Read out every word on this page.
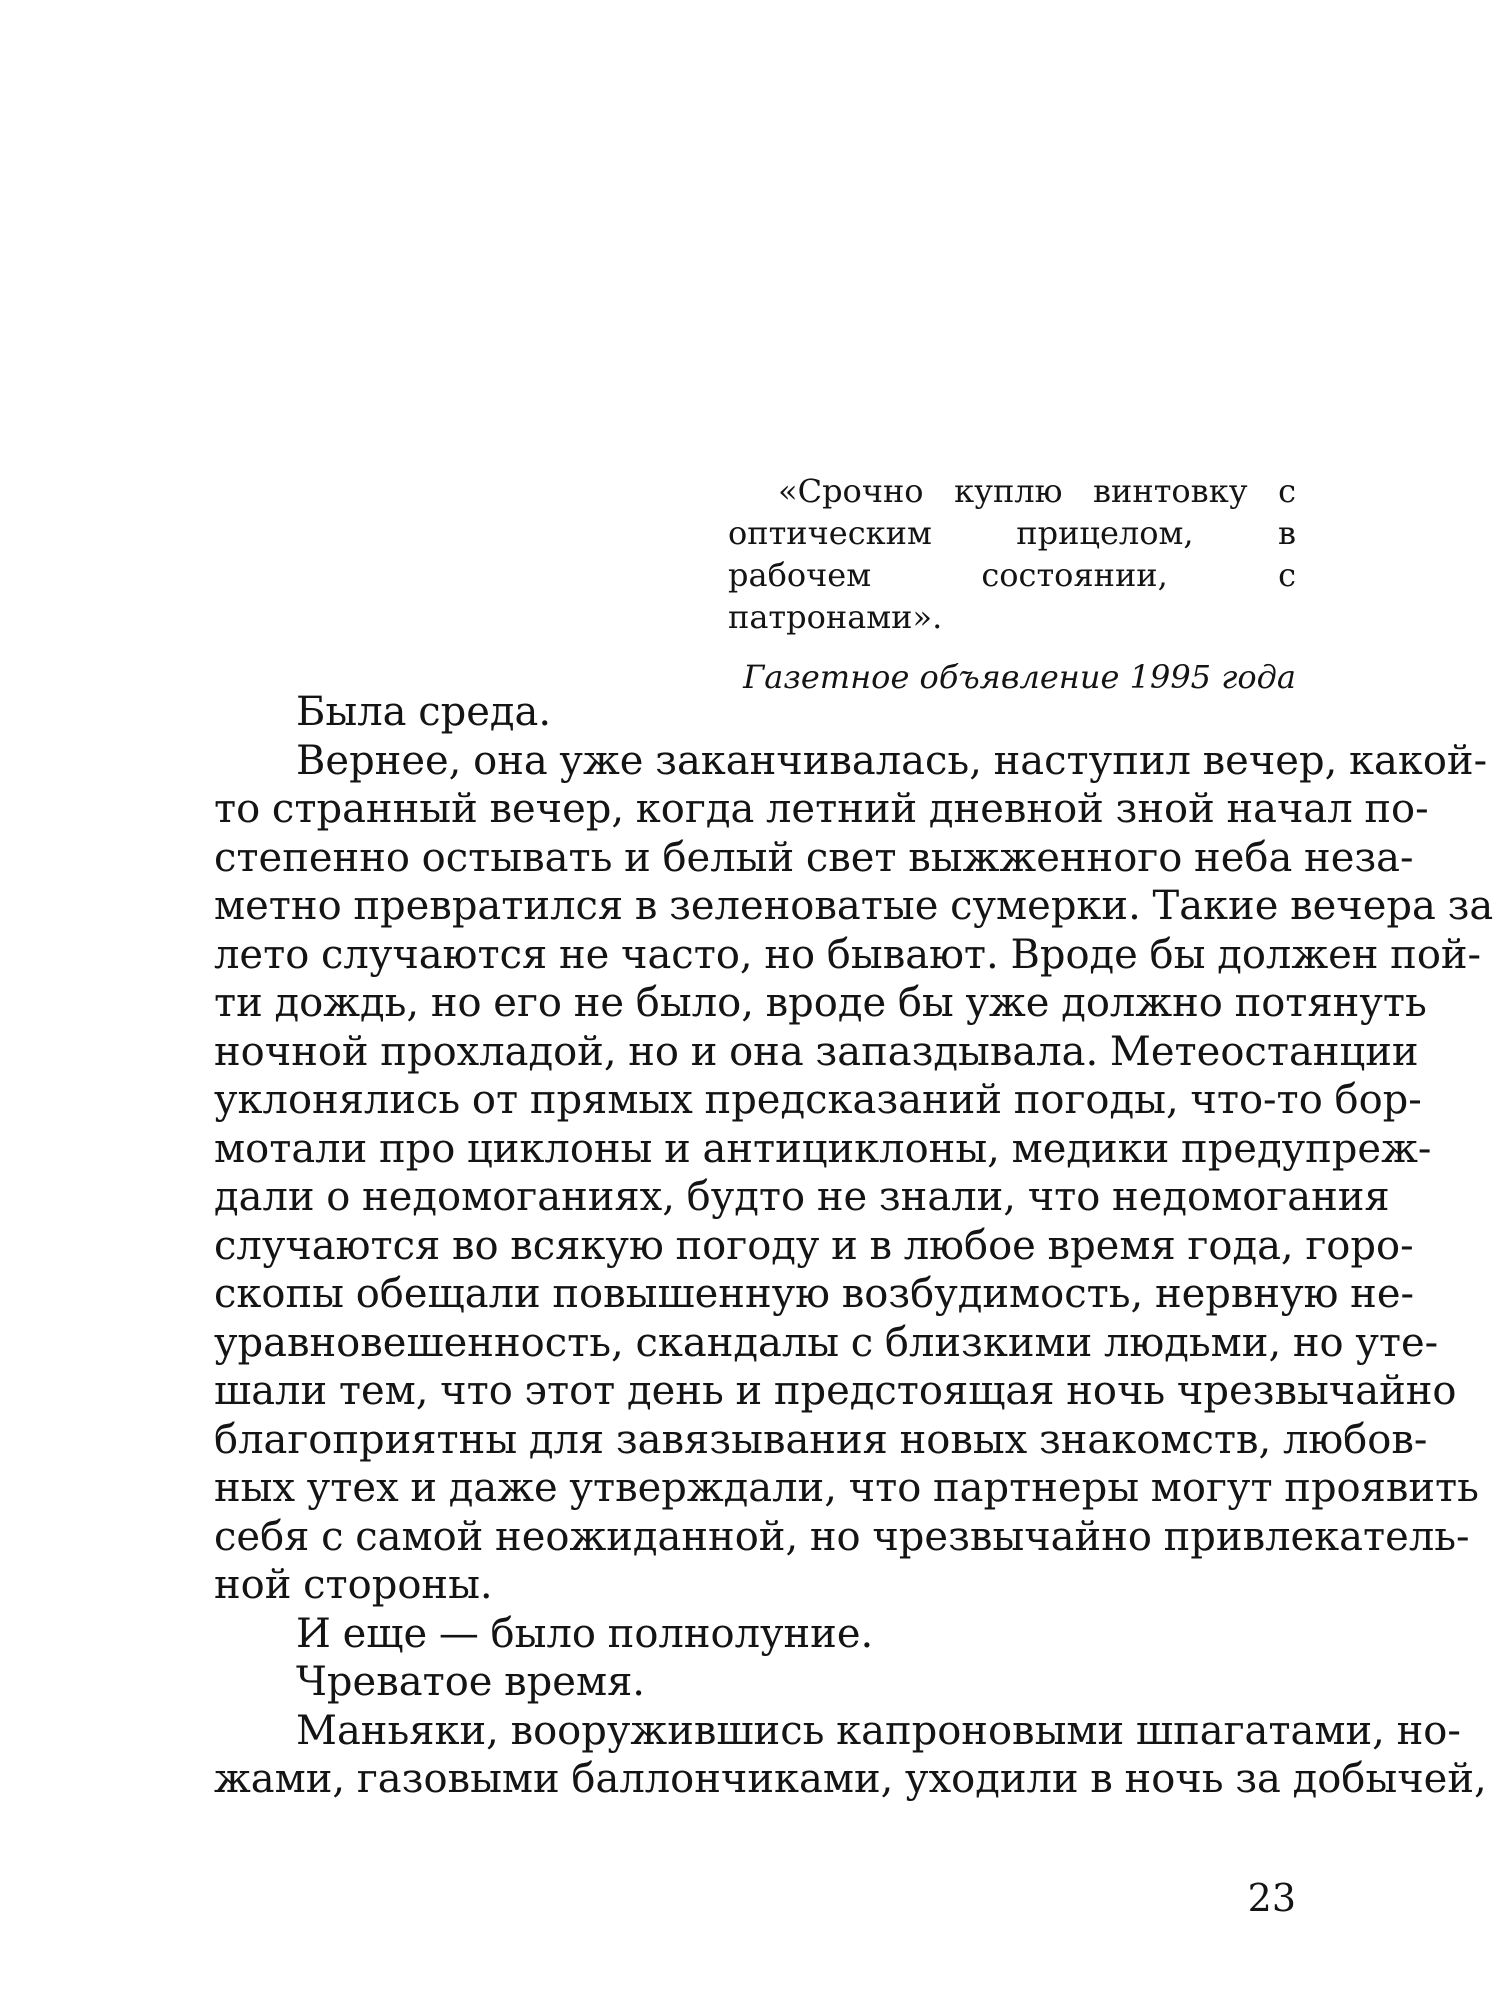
«Срочно куплю винтовку с оптическим прицелом, в рабочем состоянии, с патронами».

Газетное объявление 1995 года

Была среда.
Вернее, она уже заканчивалась, наступил вечер, какой-
то странный вечер, когда летний дневной зной начал по-
степенно остывать и белый свет выжженного неба неза-
метно превратился в зеленоватые сумерки. Такие вечера за
лето случаются не часто, но бывают. Вроде бы должен пой-
ти дождь, но его не было, вроде бы уже должно потянуть
ночной прохладой, но и она запаздывала. Метеостанции
уклонялись от прямых предсказаний погоды, что-то бор-
мотали про циклоны и антициклоны, медики предупреж-
дали о недомоганиях, будто не знали, что недомогания
случаются во всякую погоду и в любое время года, горо-
скопы обещали повышенную возбудимость, нервную не-
уравновешенность, скандалы с близкими людьми, но уте-
шали тем, что этот день и предстоящая ночь чрезвычайно
благоприятны для завязывания новых знакомств, любов-
ных утех и даже утверждали, что партнеры могут проявить
себя с самой неожиданной, но чрезвычайно привлекатель-
ной стороны.
И еще — было полнолуние.
Чреватое время.
Маньяки, вооружившись капроновыми шпагатами, но-
жами, газовыми баллончиками, уходили в ночь за добычей,
23
